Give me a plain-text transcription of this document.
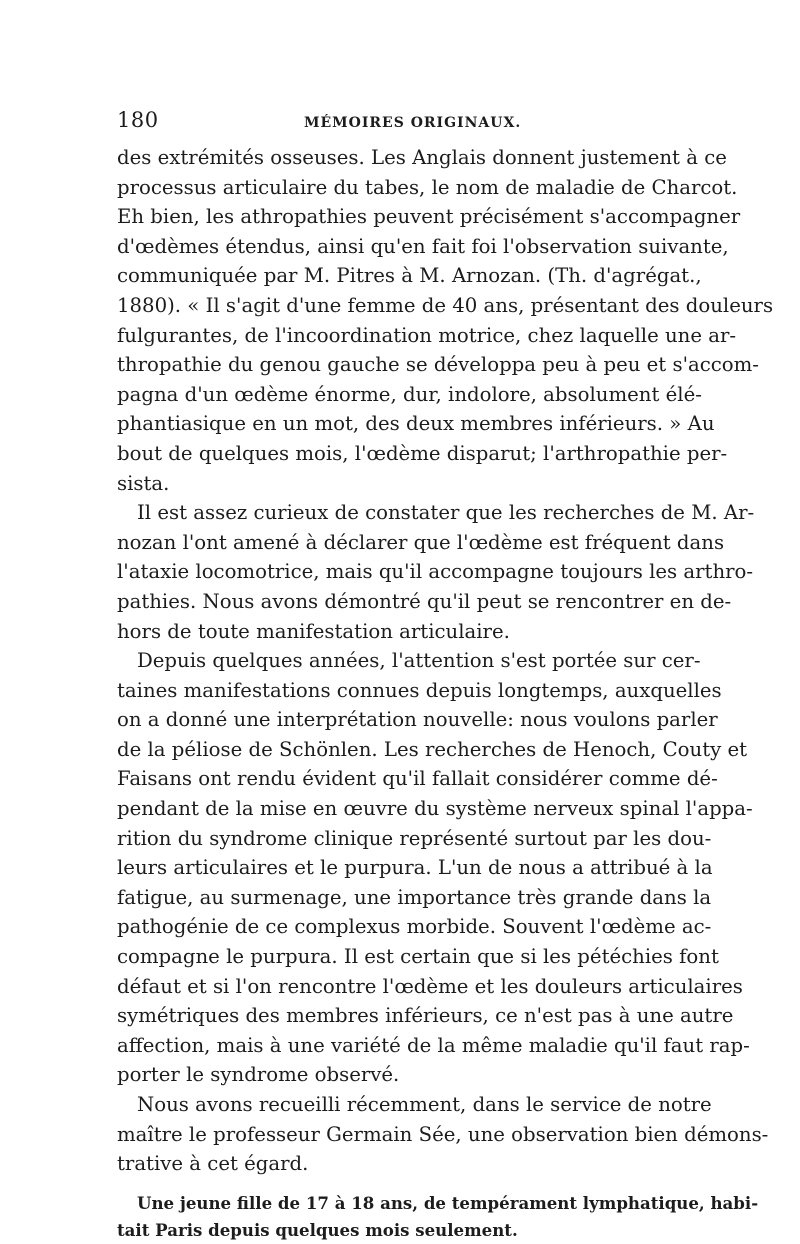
180	MÉMOIRES ORIGINAUX.
des extrémités osseuses. Les Anglais donnent justement à ce
processus articulaire du tabes, le nom de maladie de Charcot.
Eh bien, les athropathies peuvent précisément s'accompagner
d'œdèmes étendus, ainsi qu'en fait foi l'observation suivante,
communiquée par M. Pitres à M. Arnozan. (Th. d'agrégat.,
1880). « Il s'agit d'une femme de 40 ans, présentant des douleurs
fulgurantes, de l'incoordination motrice, chez laquelle une ar-
thropathie du genou gauche se développa peu à peu et s'accom-
pagna d'un œdème énorme, dur, indolore, absolument élé-
phantiasique en un mot, des deux membres inférieurs. » Au
bout de quelques mois, l'œdème disparut; l'arthropathie per-
sista.
Il est assez curieux de constater que les recherches de M. Ar-
nozan l'ont amené à déclarer que l'œdème est fréquent dans
l'ataxie locomotrice, mais qu'il accompagne toujours les arthro-
pathies. Nous avons démontré qu'il peut se rencontrer en de-
hors de toute manifestation articulaire.
Depuis quelques années, l'attention s'est portée sur cer-
taines manifestations connues depuis longtemps, auxquelles
on a donné une interprétation nouvelle: nous voulons parler
de la péliose de Schönlen. Les recherches de Henoch, Couty et
Faisans ont rendu évident qu'il fallait considérer comme dé-
pendant de la mise en œuvre du système nerveux spinal l'appa-
rition du syndrome clinique représenté surtout par les dou-
leurs articulaires et le purpura. L'un de nous a attribué à la
fatigue, au surmenage, une importance très grande dans la
pathogénie de ce complexus morbide. Souvent l'œdème ac-
compagne le purpura. Il est certain que si les pétéchies font
défaut et si l'on rencontre l'œdème et les douleurs articulaires
symétriques des membres inférieurs, ce n'est pas à une autre
affection, mais à une variété de la même maladie qu'il faut rap-
porter le syndrome observé.
Nous avons recueilli récemment, dans le service de notre
maître le professeur Germain Sée, une observation bien démons-
trative à cet égard.
Une jeune fille de 17 à 18 ans, de tempérament lymphatique, habi-
tait Paris depuis quelques mois seulement.
